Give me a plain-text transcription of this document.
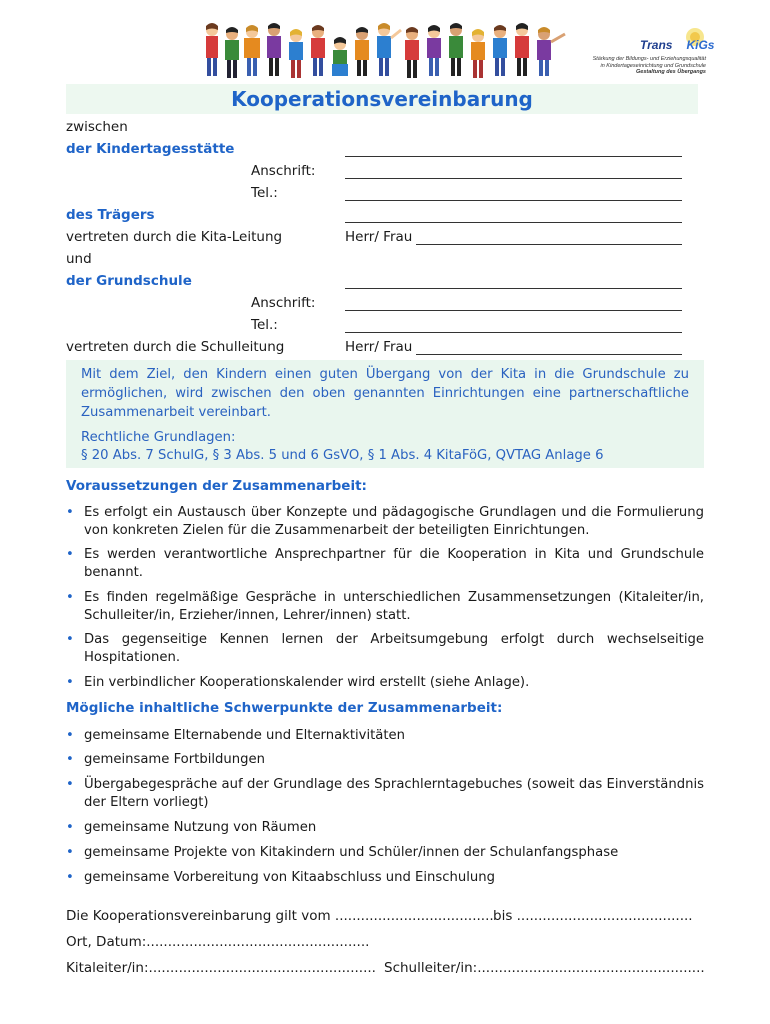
Trans KiGs
Stärkung der Bildungs- und Erziehungsqualität
in Kindertageseinrichtung und Grundschule
Gestaltung des Übergangs
Kooperationsvereinbarung
zwischen
der Kindertagesstätte
Anschrift:
Tel.:
des Trägers
vertreten durch die Kita-Leitung	Herr/ Frau
und
der Grundschule
Anschrift:
Tel.:
vertreten durch die Schulleitung	Herr/ Frau
Mit dem Ziel, den Kindern einen guten Übergang von der Kita in die Grundschule zu ermöglichen, wird zwischen den oben genannten Einrichtungen eine partnerschaftliche Zusammenarbeit vereinbart.
Rechtliche Grundlagen:
§ 20 Abs. 7 SchulG, § 3 Abs. 5 und 6 GsVO, § 1 Abs. 4 KitaFöG, QVTAG Anlage 6
Voraussetzungen der Zusammenarbeit:
• Es erfolgt ein Austausch über Konzepte und pädagogische Grundlagen und die Formulierung von konkreten Zielen für die Zusammenarbeit der beteiligten Einrichtungen.
• Es werden verantwortliche Ansprechpartner für die Kooperation in Kita und Grundschule benannt.
• Es finden regelmäßige Gespräche in unterschiedlichen Zusammensetzungen (Kitaleiter/in, Schulleiter/in, Erzieher/innen, Lehrer/innen) statt.
• Das gegenseitige Kennen lernen der Arbeitsumgebung erfolgt durch wechselseitige Hospitationen.
• Ein verbindlicher Kooperationskalender wird erstellt (siehe Anlage).
Mögliche inhaltliche Schwerpunkte der Zusammenarbeit:
• gemeinsame Elternabende und Elternaktivitäten
• gemeinsame Fortbildungen
• Übergabegespräche auf der Grundlage des Sprachlerntagebuches (soweit das Einverständnis der Eltern vorliegt)
• gemeinsame Nutzung von Räumen
• gemeinsame Projekte von Kitakindern und Schüler/innen der Schulanfangsphase
• gemeinsame Vorbereitung von Kitaabschluss und Einschulung
Die Kooperationsvereinbarung gilt vom ..................................... bis .........................................
Ort, Datum:....................................................
Kitaleiter/in:..................................................... Schulleiter/in:.....................................................
